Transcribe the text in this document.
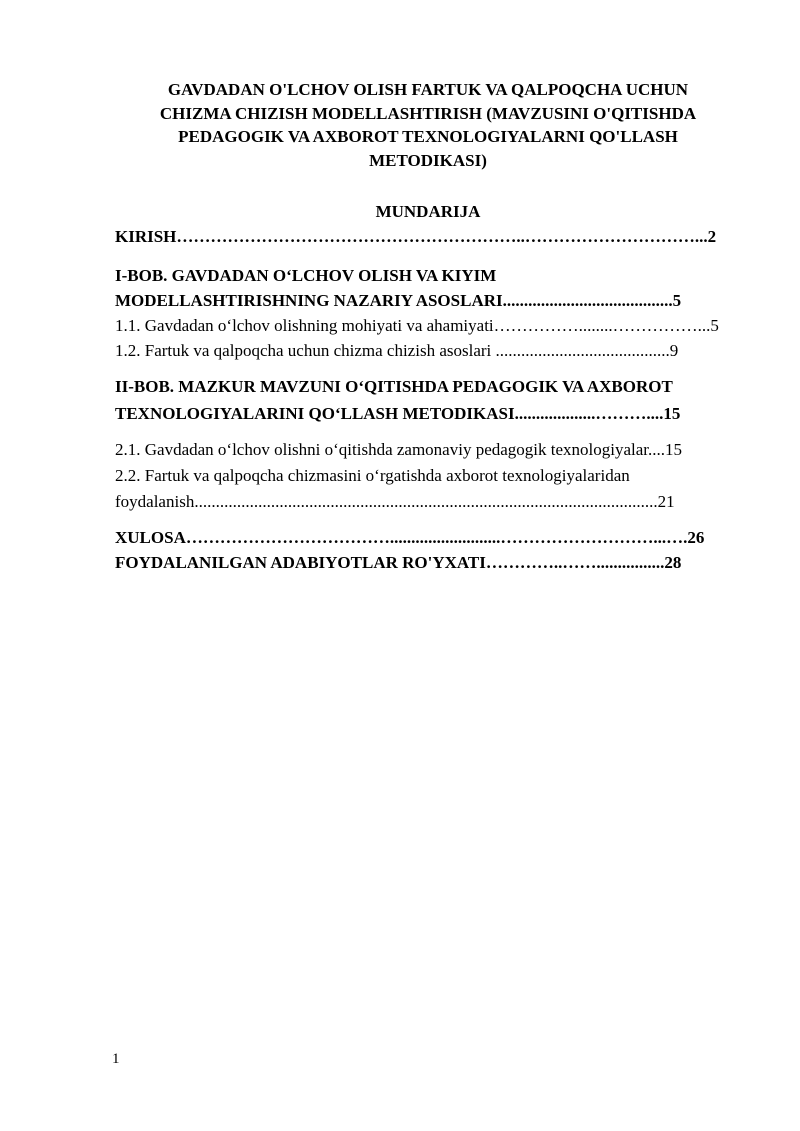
GAVDADAN O'LCHOV OLISH FARTUK VA QALPOQCHA UCHUN
CHIZMA CHIZISH MODELLASHTIRISH (MAVZUSINI O'QITISHDA
PEDAGOGIK VA AXBOROT TEXNOLOGIYALARNI QO'LLASH
METODIKASI)
MUNDARIJA
KIRISH……………………………………………………..…………………………...2
I-BOB. GAVDADAN O‘LCHOV OLISH VA KIYIM
MODELLASHTIRISHNING NAZARIY ASOSLARI........................................5
1.1. Gavdadan o‘lchov olishning mohiyati va ahamiyati……………........……………...5
1.2. Fartuk va qalpoqcha uchun chizma chizish asoslari .........................................9
II-BOB. MAZKUR MAVZUNI O‘QITISHDA PEDAGOGIK VA AXBOROT
TEXNOLOGIYALARINI QO‘LLASH METODIKASI...................………....15
2.1. Gavdadan o‘lchov olishni o‘qitishda zamonaviy pedagogik texnologiyalar....15
2.2. Fartuk va qalpoqcha chizmasini o‘rgatishda axborot texnologiyalaridan
foydalanish.............................................................................................................21
XULOSA………………………………..........................………………………...….26
FOYDALANILGAN ADABIYOTLAR RO'YXATI…………..……................28
1
